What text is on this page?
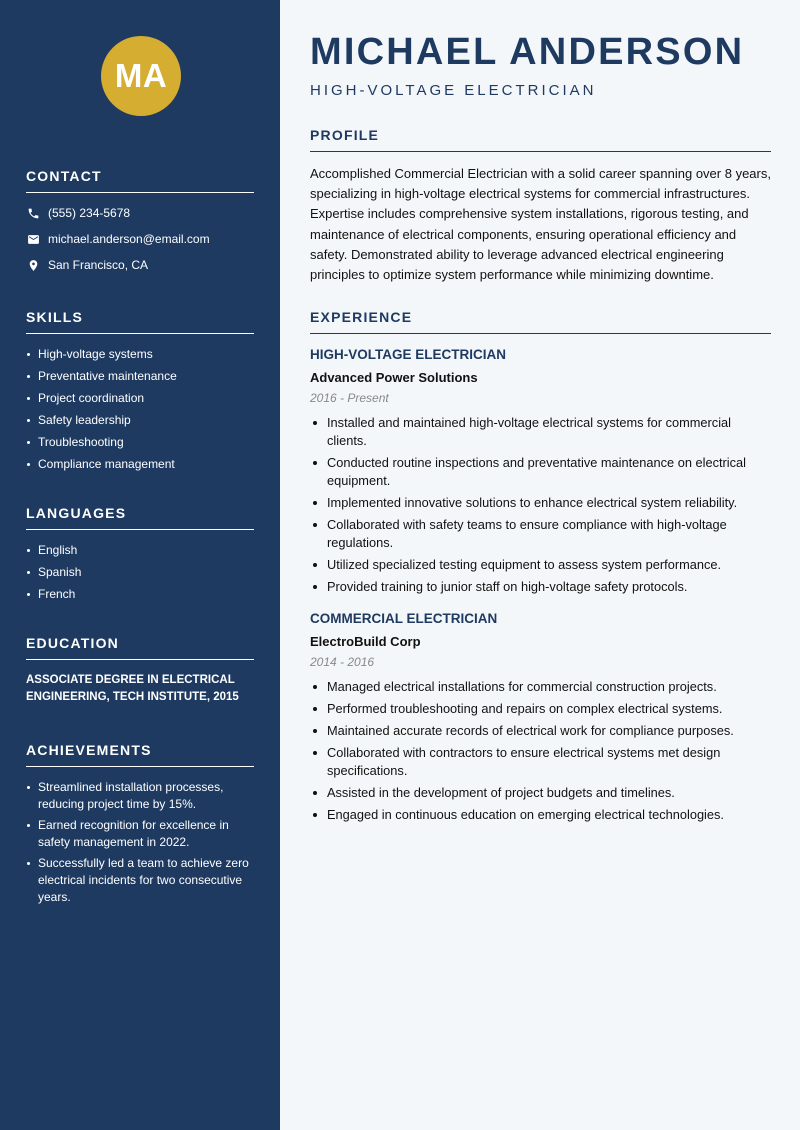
MA
CONTACT
(555) 234-5678
michael.anderson@email.com
San Francisco, CA
SKILLS
High-voltage systems
Preventative maintenance
Project coordination
Safety leadership
Troubleshooting
Compliance management
LANGUAGES
English
Spanish
French
EDUCATION

ASSOCIATE DEGREE IN ELECTRICAL ENGINEERING, TECH INSTITUTE, 2015

ACHIEVEMENTS
Streamlined installation processes, reducing project time by 15%.
Earned recognition for excellence in safety management in 2022.
Successfully led a team to achieve zero electrical incidents for two consecutive years.
MICHAEL ANDERSON
HIGH-VOLTAGE ELECTRICIAN
PROFILE

Accomplished Commercial Electrician with a solid career spanning over 8 years, specializing in high-voltage electrical systems for commercial infrastructures. Expertise includes comprehensive system installations, rigorous testing, and maintenance of electrical components, ensuring operational efficiency and safety. Demonstrated ability to leverage advanced electrical engineering principles to optimize system performance while minimizing downtime.

EXPERIENCE
HIGH-VOLTAGE ELECTRICIAN
Advanced Power Solutions
2016 - Present
Installed and maintained high-voltage electrical systems for commercial clients.
Conducted routine inspections and preventative maintenance on electrical equipment.
Implemented innovative solutions to enhance electrical system reliability.
Collaborated with safety teams to ensure compliance with high-voltage regulations.
Utilized specialized testing equipment to assess system performance.
Provided training to junior staff on high-voltage safety protocols.
COMMERCIAL ELECTRICIAN
ElectroBuild Corp
2014 - 2016
Managed electrical installations for commercial construction projects.
Performed troubleshooting and repairs on complex electrical systems.
Maintained accurate records of electrical work for compliance purposes.
Collaborated with contractors to ensure electrical systems met design specifications.
Assisted in the development of project budgets and timelines.
Engaged in continuous education on emerging electrical technologies.
